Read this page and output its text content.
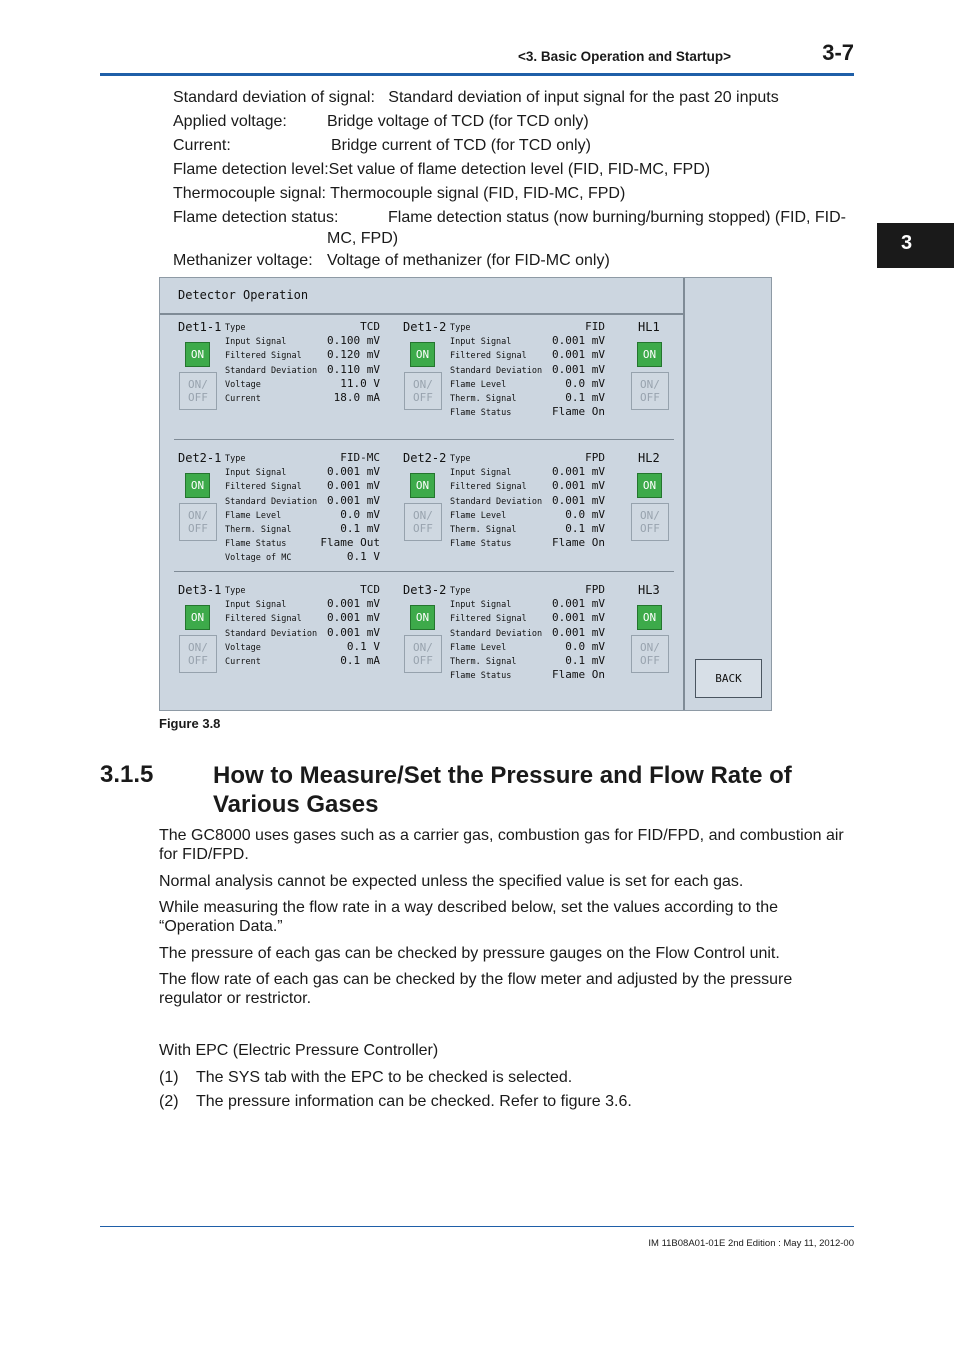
<3. Basic Operation and Startup>	3-7
3
Standard deviation of signal: Standard deviation of input signal for the past 20 inputs
Applied voltage:	Bridge voltage of TCD (for TCD only)
Current:	Bridge current of TCD (for TCD only)
Flame detection level:Set value of flame detection level (FID, FID-MC, FPD)
Thermocouple signal: Thermocouple signal (FID, FID-MC, FPD)
Flame detection status:	Flame detection status (now burning/burning stopped) (FID, FID-
MC, FPD)
Methanizer voltage: Voltage of methanizer (for FID-MC only)
Detector Operation
Det1-1
ON
ON/
OFF
Type	TCD
Input Signal	0.100 mV
Filtered Signal	0.120 mV
Standard Deviation 0.110 mV
Voltage	11.0 V
Current	18.0 mA
Det1-2
ON
ON/
OFF
Type	FID
Input Signal	0.001 mV
Filtered Signal	0.001 mV
Standard Deviation 0.001 mV
Flame Level	0.0 mV
Therm. Signal	0.1 mV
Flame Status	Flame On
Det2-1
ON
ON/
OFF
Type	FID-MC
Input Signal	0.001 mV
Filtered Signal	0.001 mV
Standard Deviation 0.001 mV
Flame Level	0.0 mV
Therm. Signal	0.1 mV
Flame Status	Flame Out
Voltage of MC	0.1 V
Det2-2
ON
ON/
OFF
Type	FPD
Input Signal	0.001 mV
Filtered Signal	0.001 mV
Standard Deviation 0.001 mV
Flame Level	0.0 mV
Therm. Signal	0.1 mV
Flame Status	Flame On
Det3-1
ON
ON/
OFF
Type	TCD
Input Signal	0.001 mV
Filtered Signal	0.001 mV
Standard Deviation 0.001 mV
Voltage	0.1 V
Current	0.1 mA
Det3-2
ON
ON/
OFF
Type	FPD
Input Signal	0.001 mV
Filtered Signal	0.001 mV
Standard Deviation 0.001 mV
Flame Level	0.0 mV
Therm. Signal	0.1 mV
Flame Status	Flame On
HL1
ON
ON/
OFF
HL2
ON
ON/
OFF
HL3
ON
ON/
OFF
BACK
Figure 3.8
3.1.5 How to Measure/Set the Pressure and Flow Rate of
Various Gases
The GC8000 uses gases such as a carrier gas, combustion gas for FID/FPD, and combustion air
for FID/FPD.
Normal analysis cannot be expected unless the specified value is set for each gas.
While measuring the flow rate in a way described below, set the values according to the
“Operation Data.”
The pressure of each gas can be checked by pressure gauges on the Flow Control unit.
The flow rate of each gas can be checked by the flow meter and adjusted by the pressure
regulator or restrictor.
With EPC (Electric Pressure Controller)
(1) The SYS tab with the EPC to be checked is selected.
(2) The pressure information can be checked. Refer to figure 3.6.
IM 11B08A01-01E 2nd Edition : May 11, 2012-00
